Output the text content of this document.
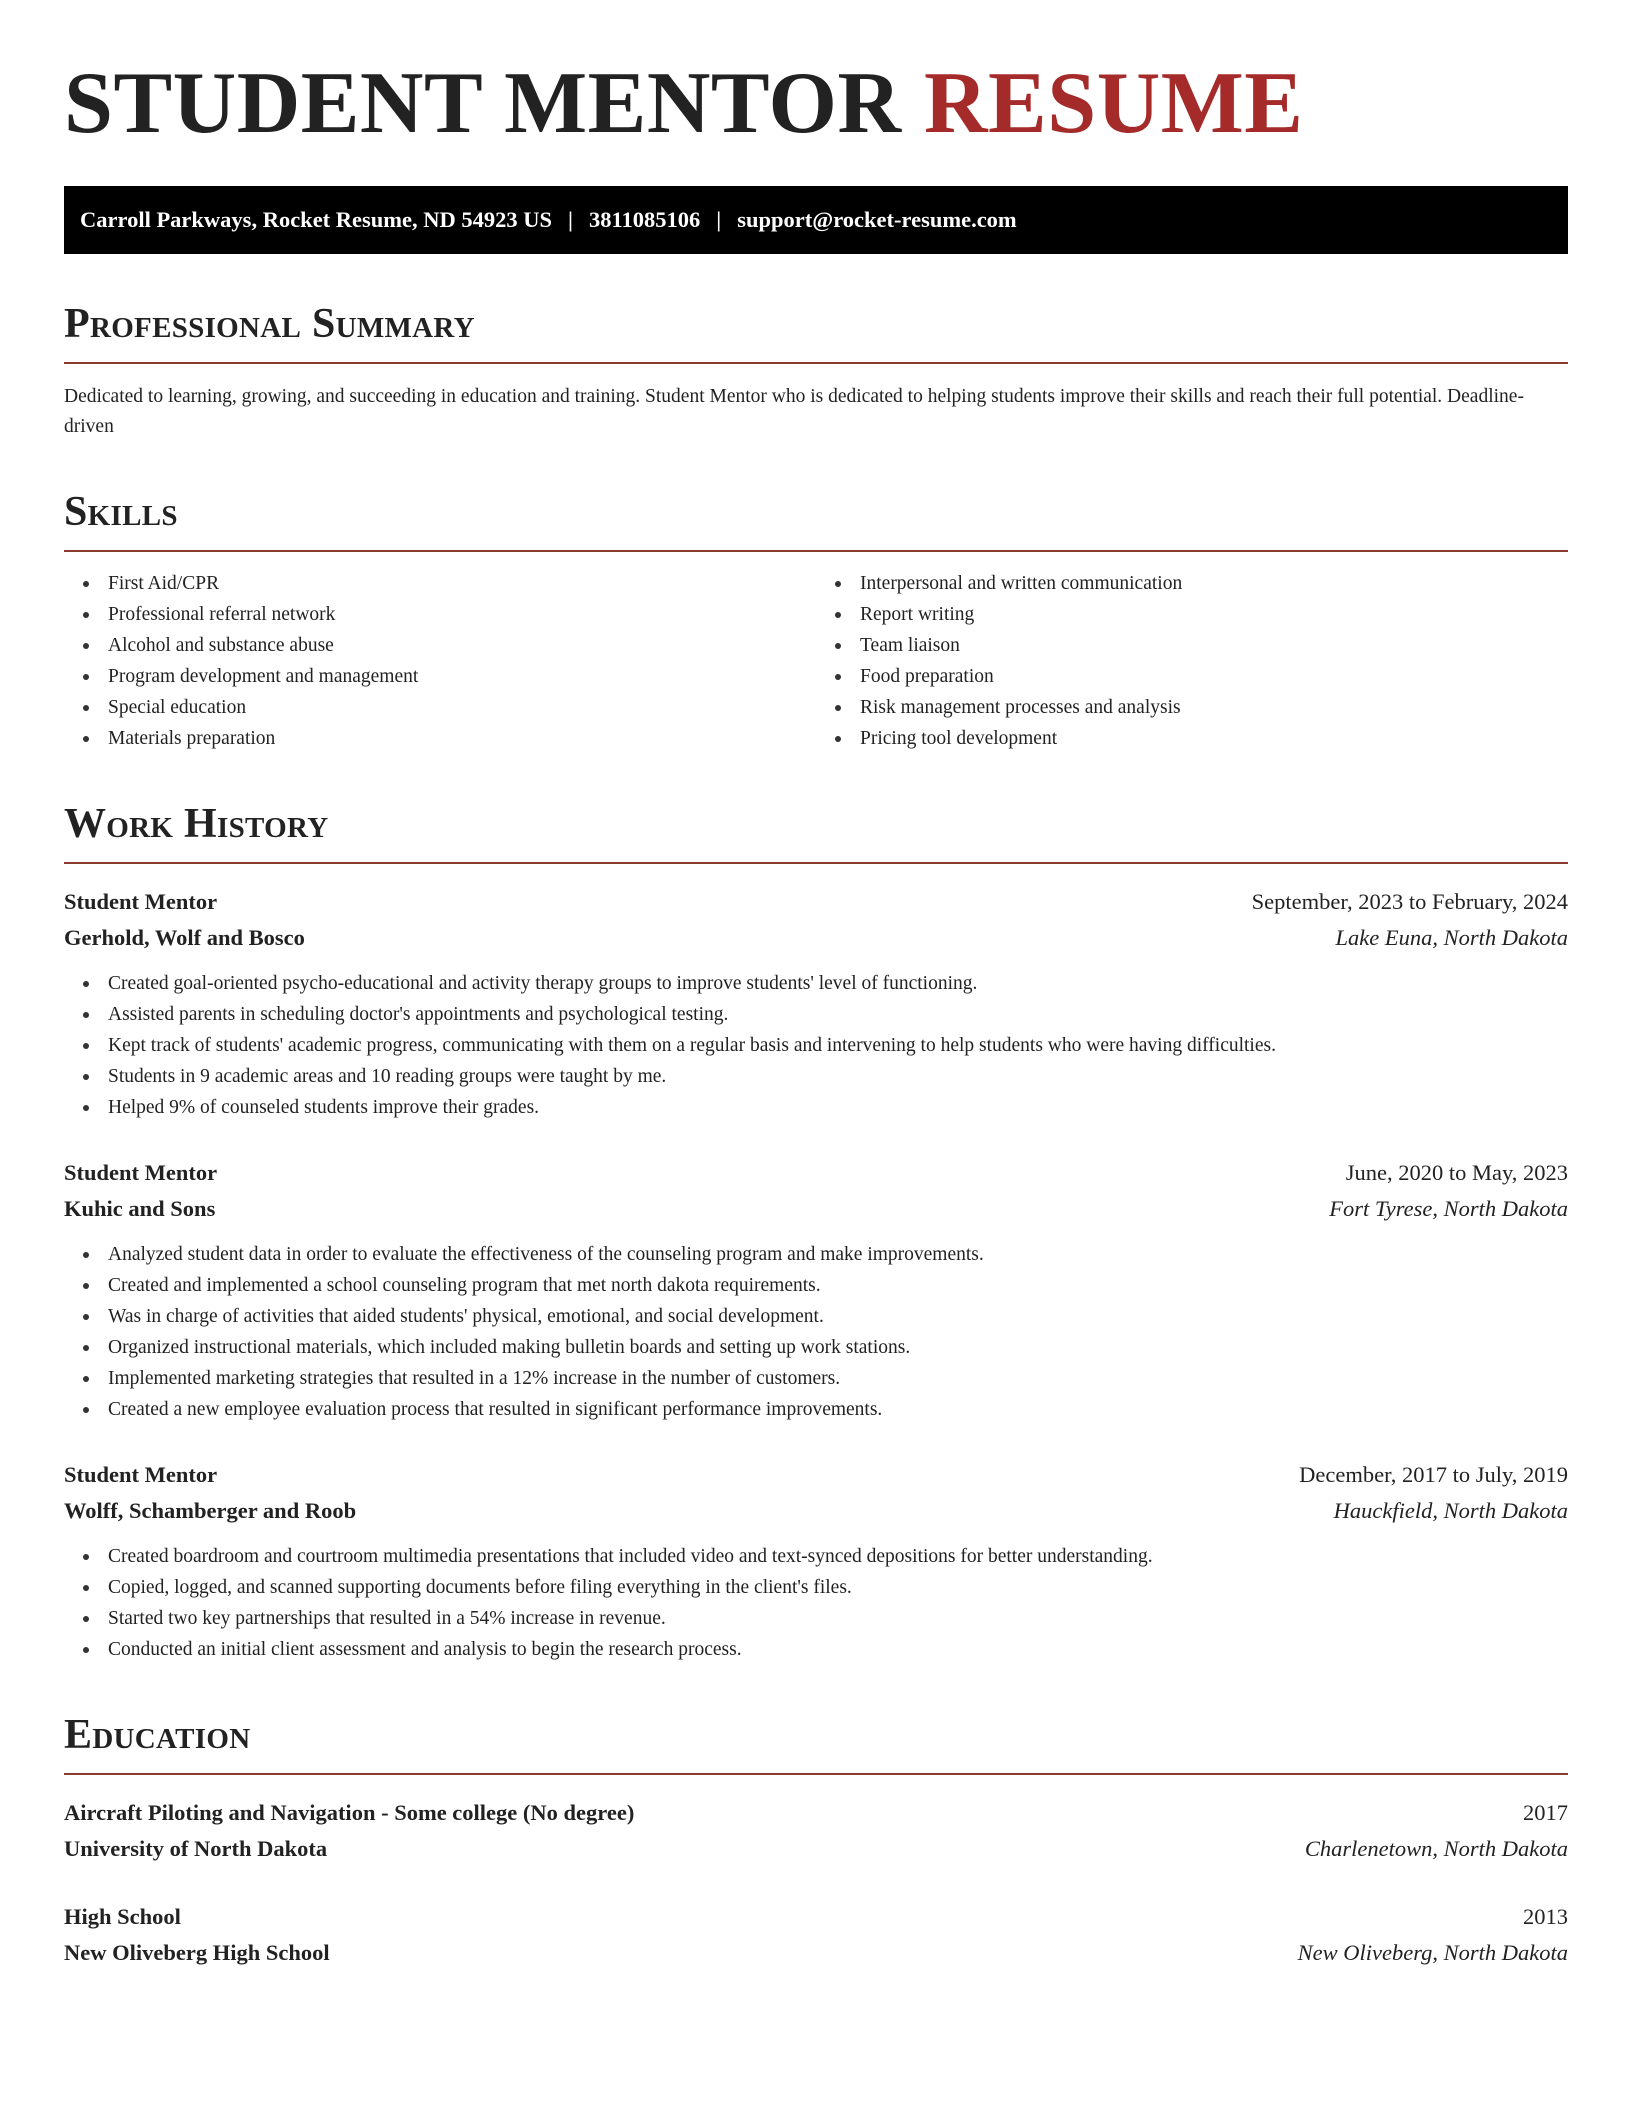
STUDENT MENTOR RESUME
Carroll Parkways, Rocket Resume, ND 54923 US | 3811085106 | support@rocket-resume.com
Professional Summary

Dedicated to learning, growing, and succeeding in education and training. Student Mentor who is dedicated to helping students improve their skills and reach their full potential. Deadline-driven

Skills
First Aid/CPR
Professional referral network
Alcohol and substance abuse
Program development and management
Special education
Materials preparation
Interpersonal and written communication
Report writing
Team liaison
Food preparation
Risk management processes and analysis
Pricing tool development
Work History
Student Mentor	September, 2023 to February, 2024
Gerhold, Wolf and Bosco	Lake Euna, North Dakota
Created goal-oriented psycho-educational and activity therapy groups to improve students' level of functioning.
Assisted parents in scheduling doctor's appointments and psychological testing.
Kept track of students' academic progress, communicating with them on a regular basis and intervening to help students who were having difficulties.
Students in 9 academic areas and 10 reading groups were taught by me.
Helped 9% of counseled students improve their grades.
Student Mentor	June, 2020 to May, 2023
Kuhic and Sons	Fort Tyrese, North Dakota
Analyzed student data in order to evaluate the effectiveness of the counseling program and make improvements.
Created and implemented a school counseling program that met north dakota requirements.
Was in charge of activities that aided students' physical, emotional, and social development.
Organized instructional materials, which included making bulletin boards and setting up work stations.
Implemented marketing strategies that resulted in a 12% increase in the number of customers.
Created a new employee evaluation process that resulted in significant performance improvements.
Student Mentor	December, 2017 to July, 2019
Wolff, Schamberger and Roob	Hauckfield, North Dakota
Created boardroom and courtroom multimedia presentations that included video and text-synced depositions for better understanding.
Copied, logged, and scanned supporting documents before filing everything in the client's files.
Started two key partnerships that resulted in a 54% increase in revenue.
Conducted an initial client assessment and analysis to begin the research process.
Education
Aircraft Piloting and Navigation - Some college (No degree)	2017
University of North Dakota	Charlenetown, North Dakota
High School	2013
New Oliveberg High School	New Oliveberg, North Dakota
